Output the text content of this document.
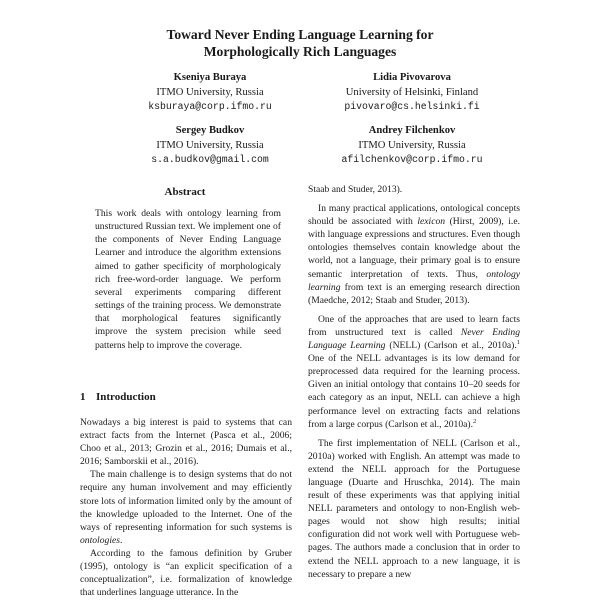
Toward Never Ending Language Learning for
Morphologically Rich Languages
Kseniya Buraya
ITMO University, Russia
ksburaya@corp.ifmo.ru
Lidia Pivovarova
University of Helsinki, Finland
pivovaro@cs.helsinki.fi
Sergey Budkov
ITMO University, Russia
s.a.budkov@gmail.com
Andrey Filchenkov
ITMO University, Russia
afilchenkov@corp.ifmo.ru
Abstract
This work deals with ontology learning from unstructured Russian text. We implement one of the components of Never Ending Language Learner and introduce the algorithm extensions aimed to gather specificity of morphologicaly rich free-word-order language. We perform several experiments comparing different settings of the training process. We demonstrate that morphological features significantly improve the system precision while seed patterns help to improve the coverage.
1 Introduction

Nowadays a big interest is paid to systems that can extract facts from the Internet (Pasca et al., 2006; Choo et al., 2013; Grozin et al., 2016; Dumais et al., 2016; Samborskii et al., 2016).

The main challenge is to design systems that do not require any human involvement and may efficiently store lots of information limited only by the amount of the knowledge uploaded to the Internet. One of the ways of representing information for such systems is ontologies.

According to the famous definition by Gruber (1995), ontology is “an explicit specification of a conceptualization”, i.e. formalization of knowledge that underlines language utterance. In the

Staab and Studer, 2013).

In many practical applications, ontological concepts should be associated with lexicon (Hirst, 2009), i.e. with language expressions and structures. Even though ontologies themselves contain knowledge about the world, not a language, their primary goal is to ensure semantic interpretation of texts. Thus, ontology learning from text is an emerging research direction (Maedche, 2012; Staab and Studer, 2013).

One of the approaches that are used to learn facts from unstructured text is called Never Ending Language Learning (NELL) (Carlson et al., 2010a).$^1$ One of the NELL advantages is its low demand for preprocessed data required for the learning process. Given an initial ontology that contains 10–20 seeds for each category as an input, NELL can achieve a high performance level on extracting facts and relations from a large corpus (Carlson et al., 2010a).$^2$

The first implementation of NELL (Carlson et al., 2010a) worked with English. An attempt was made to extend the NELL approach for the Portuguese language (Duarte and Hruschka, 2014). The main result of these experiments was that applying initial NELL parameters and ontology to non-English web-pages would not show high results; initial configuration did not work well with Portuguese web-pages. The authors made a conclusion that in order to extend the NELL approach to a new language, it is necessary to prepare a new
